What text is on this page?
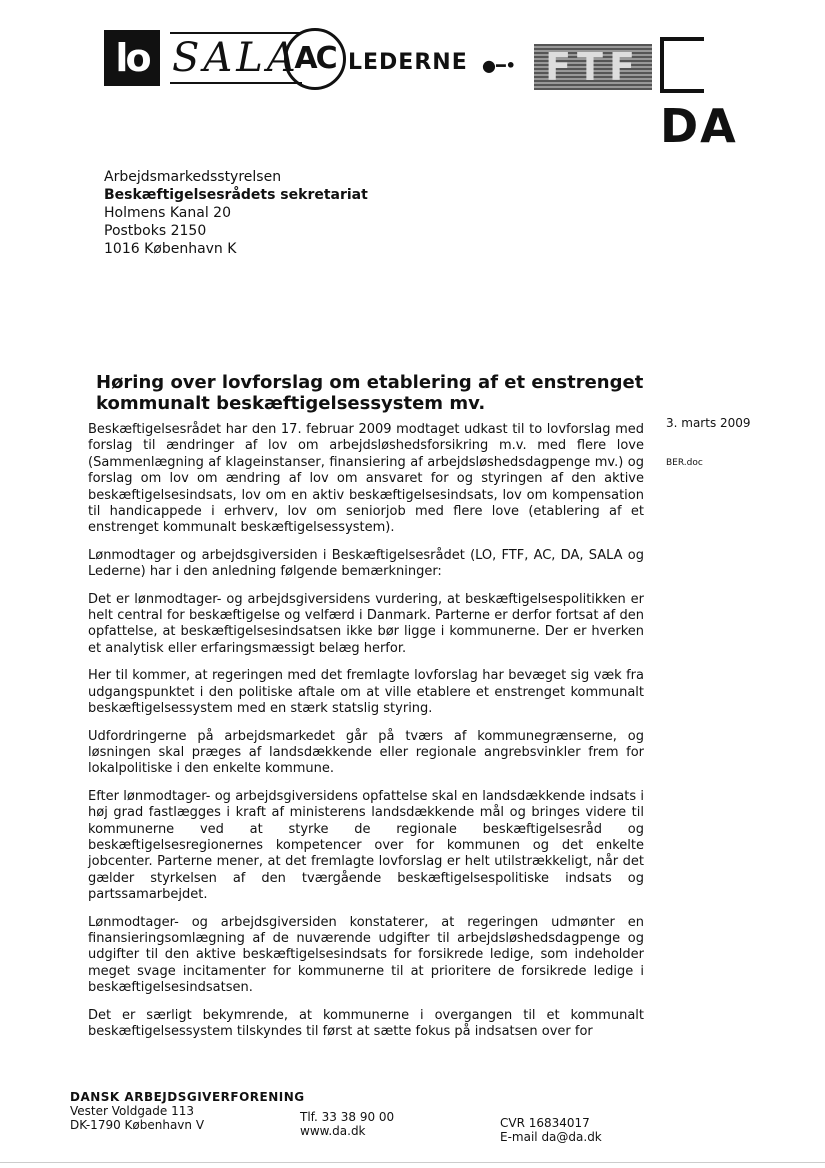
lo SALA
AC LEDERNE ●━• FTF
DA
Arbejdsmarkedsstyrelsen
Beskæftigelsesrådets sekretariat
Holmens Kanal 20
Postboks 2150
1016 København K
Høring over lovforslag om etablering af et enstrenget kommunalt beskæftigelsessystem mv.
3. marts 2009
BER.doc

Beskæftigelsesrådet har den 17. februar 2009 modtaget udkast til to lovforslag med forslag til ændringer af lov om arbejdsløshedsforsikring m.v. med flere love (Sammenlægning af klageinstanser, finansiering af arbejdsløshedsdagpenge mv.) og forslag om lov om ændring af lov om ansvaret for og styringen af den aktive beskæftigelsesindsats, lov om en aktiv beskæftigelsesindsats, lov om kompensation til handicappede i erhverv, lov om seniorjob med flere love (etablering af et enstrenget kommunalt beskæftigelsessystem).

Lønmodtager og arbejdsgiversiden i Beskæftigelsesrådet (LO, FTF, AC, DA, SALA og Lederne) har i den anledning følgende bemærkninger:

Det er lønmodtager- og arbejdsgiversidens vurdering, at beskæftigelsespolitikken er helt central for beskæftigelse og velfærd i Danmark. Parterne er derfor fortsat af den opfattelse, at beskæftigelsesindsatsen ikke bør ligge i kommunerne. Der er hverken et analytisk eller erfaringsmæssigt belæg herfor.

Her til kommer, at regeringen med det fremlagte lovforslag har bevæget sig væk fra udgangspunktet i den politiske aftale om at ville etablere et enstrenget kommunalt beskæftigelsessystem med en stærk statslig styring.

Udfordringerne på arbejdsmarkedet går på tværs af kommunegrænserne, og løsningen skal præges af landsdækkende eller regionale angrebsvinkler frem for lokalpolitiske i den enkelte kommune.

Efter lønmodtager- og arbejdsgiversidens opfattelse skal en landsdækkende indsats i høj grad fastlægges i kraft af ministerens landsdækkende mål og bringes videre til kommunerne ved at styrke de regionale beskæftigelsesråd og beskæftigelsesregionernes kompetencer over for kommunen og det enkelte jobcenter. Parterne mener, at det fremlagte lovforslag er helt utilstrækkeligt, når det gælder styrkelsen af den tværgående beskæftigelsespolitiske indsats og partssamarbejdet.

Lønmodtager- og arbejdsgiversiden konstaterer, at regeringen udmønter en finansieringsomlægning af de nuværende udgifter til arbejdsløshedsdagpenge og udgifter til den aktive beskæftigelsesindsats for forsikrede ledige, som indeholder meget svage incitamenter for kommunerne til at prioritere de forsikrede ledige i beskæftigelsesindsatsen.

Det er særligt bekymrende, at kommunerne i overgangen til et kommunalt beskæftigelsessystem tilskyndes til først at sætte fokus på indsatsen over for

DANSK ARBEJDSGIVERFORENING
Vester Voldgade 113
DK-1790 København V
Tlf. 33 38 90 00
www.da.dk
CVR 16834017
E-mail da@da.dk
